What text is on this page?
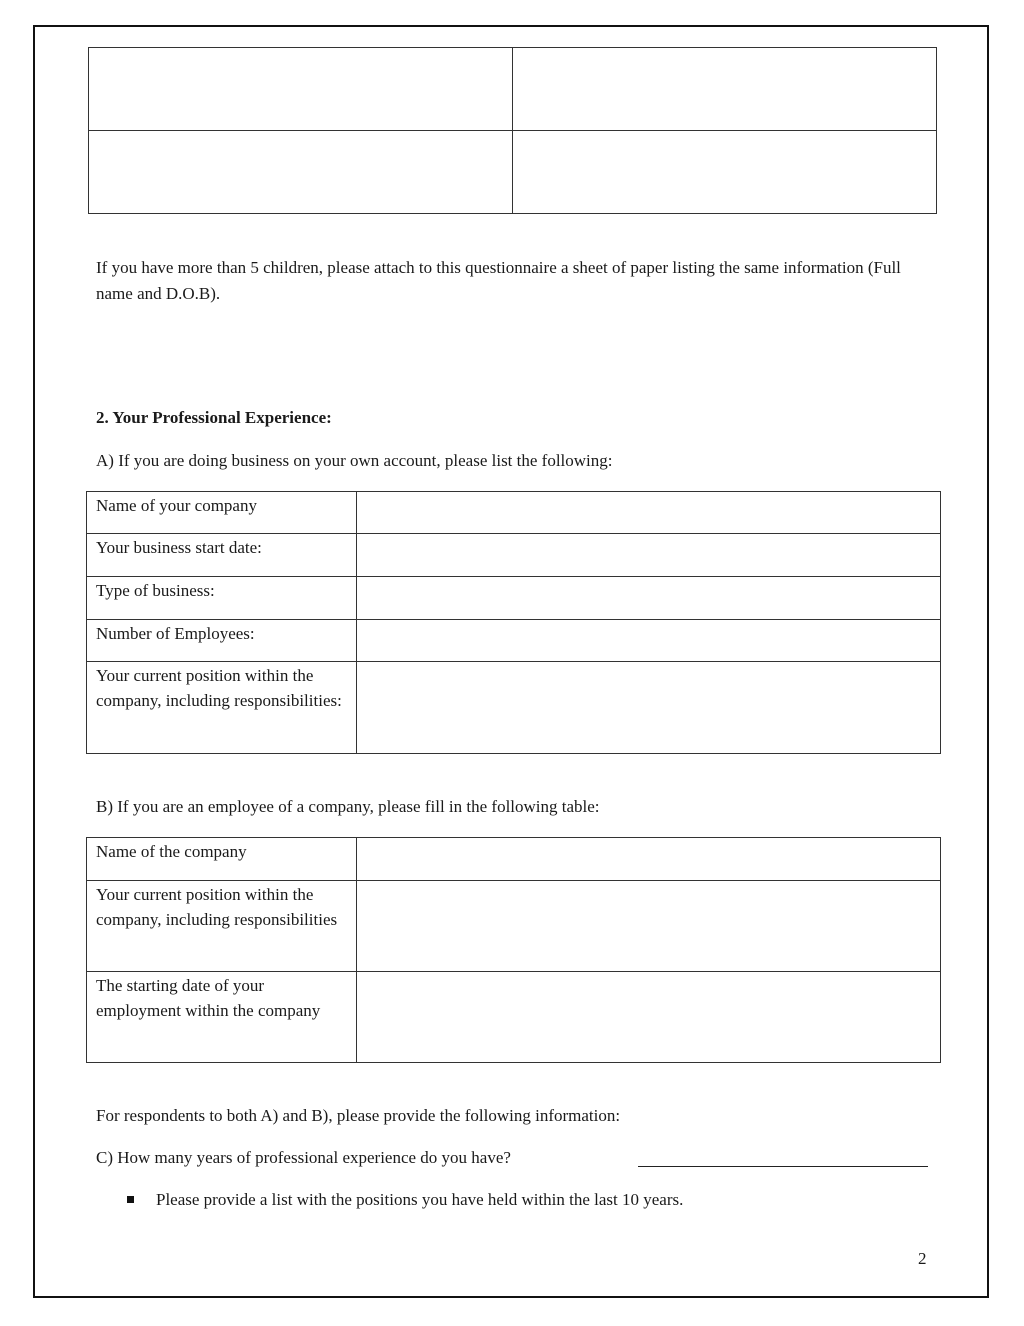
If you have more than 5 children, please attach to this questionnaire a sheet of paper listing the same information (Full name and D.O.B).

2. Your Professional Experience:

A) If you are doing business on your own account, please list the following:

Name of your company	

Your business start date:	

Type of business:	

Number of Employees:	

Your current position within the company, including responsibilities:	

B) If you are an employee of a company, please fill in the following table:

Name of the company	

Your current position within the company, including responsibilities	

The starting date of your employment within the company	

For respondents to both A) and B), please provide the following information:

C) How many years of professional experience do you have?

Please provide a list with the positions you have held within the last 10 years.

2
